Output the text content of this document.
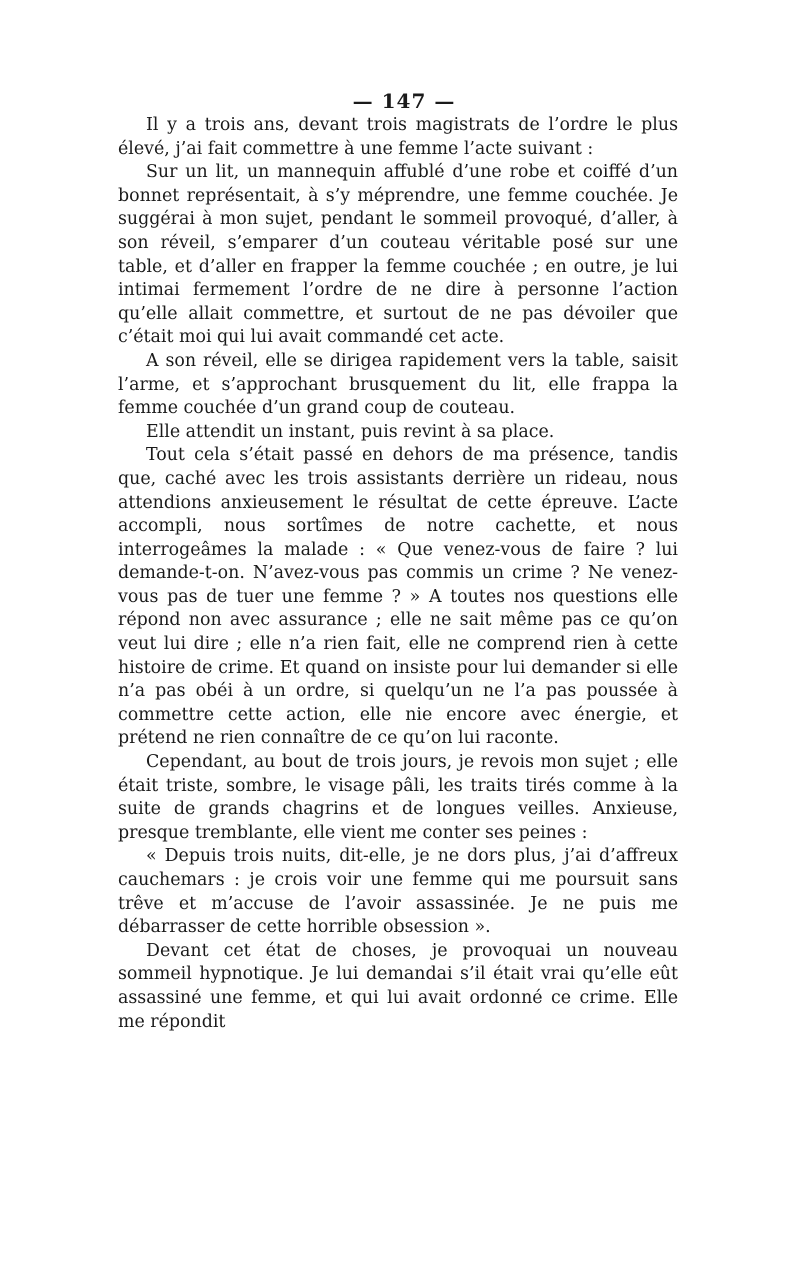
— 147 —

Il y a trois ans, devant trois magistrats de l’ordre le plus élevé, j’ai fait commettre à une femme l’acte suivant :

Sur un lit, un mannequin affublé d’une robe et coiffé d’un bonnet représentait, à s’y méprendre, une femme couchée. Je suggérai à mon sujet, pendant le sommeil provoqué, d’aller, à son réveil, s’emparer d’un couteau véritable posé sur une table, et d’aller en frapper la femme couchée ; en outre, je lui intimai fermement l’ordre de ne dire à personne l’action qu’elle allait commettre, et surtout de ne pas dévoiler que c’était moi qui lui avait commandé cet acte.

A son réveil, elle se dirigea rapidement vers la table, saisit l’arme, et s’approchant brusquement du lit, elle frappa la femme couchée d’un grand coup de couteau.

Elle attendit un instant, puis revint à sa place.

Tout cela s’était passé en dehors de ma présence, tandis que, caché avec les trois assistants derrière un rideau, nous attendions anxieusement le résultat de cette épreuve. L’acte accompli, nous sortîmes de notre cachette, et nous interrogeâmes la malade : « Que venez-vous de faire ? lui demande-t-on. N’avez-vous pas commis un crime ? Ne venez-vous pas de tuer une femme ? » A toutes nos questions elle répond non avec assurance ; elle ne sait même pas ce qu’on veut lui dire ; elle n’a rien fait, elle ne comprend rien à cette histoire de crime. Et quand on insiste pour lui demander si elle n’a pas obéi à un ordre, si quelqu’un ne l’a pas poussée à commettre cette action, elle nie encore avec énergie, et prétend ne rien connaître de ce qu’on lui raconte.

Cependant, au bout de trois jours, je revois mon sujet ; elle était triste, sombre, le visage pâli, les traits tirés comme à la suite de grands chagrins et de longues veilles. Anxieuse, presque tremblante, elle vient me conter ses peines :

« Depuis trois nuits, dit-elle, je ne dors plus, j’ai d’affreux cauchemars : je crois voir une femme qui me poursuit sans trêve et m’accuse de l’avoir assassinée. Je ne puis me débarrasser de cette horrible obsession ».

Devant cet état de choses, je provoquai un nouveau sommeil hypnotique. Je lui demandai s’il était vrai qu’elle eût assassiné une femme, et qui lui avait ordonné ce crime. Elle me répondit
